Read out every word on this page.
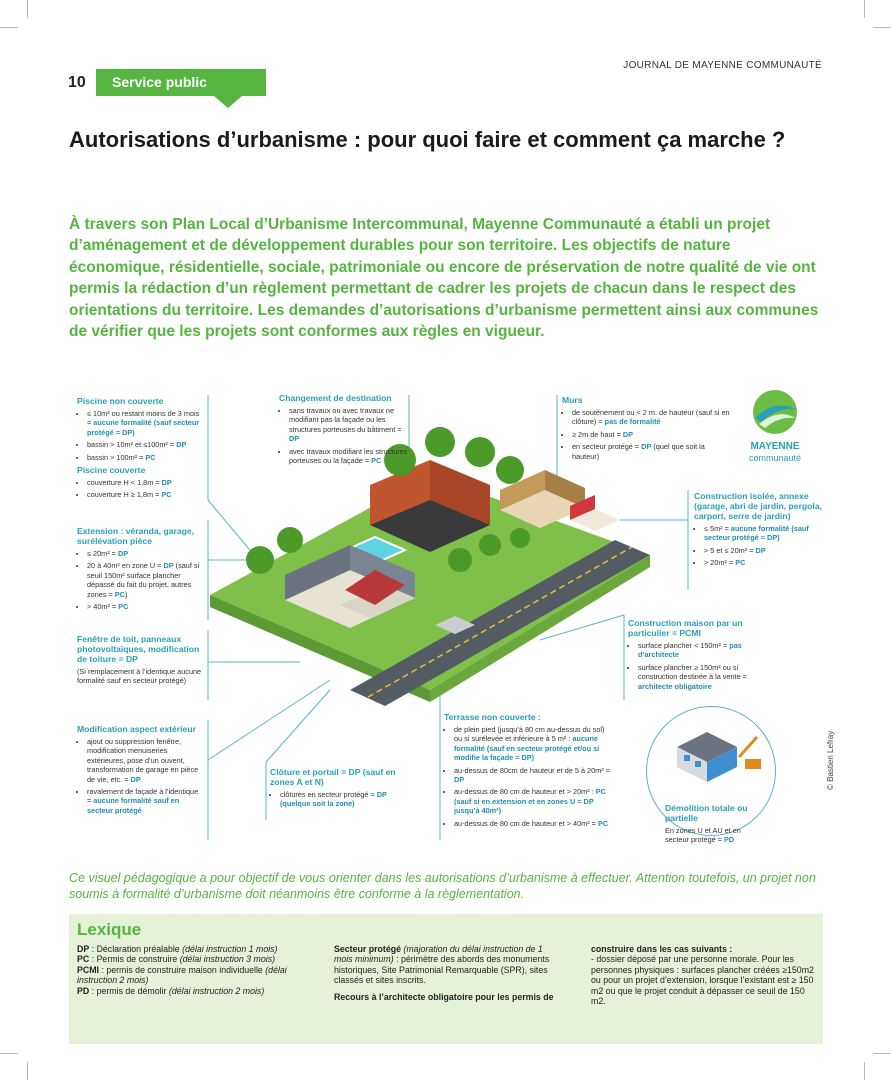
JOURNAL DE MAYENNE COMMUNAUTÉ
10	Service public
Autorisations d’urbanisme : pour quoi faire et comment ça marche ?
À travers son Plan Local d’Urbanisme Intercommunal, Mayenne Communauté a établi un projet d’aménagement et de développement durables pour son territoire. Les objectifs de nature économique, résidentielle, sociale, patrimoniale ou encore de préservation de notre qualité de vie ont permis la rédaction d’un règlement permettant de cadrer les projets de chacun dans le respect des orientations du territoire. Les demandes d’autorisations d’urbanisme permettent ainsi aux communes de vérifier que les projets sont conformes aux règles en vigueur.
MAYENNE
communauté
Piscine non couverte
• ≤ 10m² ou restant moins de 3 mois = aucune formalité (sauf secteur protégé = DP)
• bassin > 10m² et ≤100m² = DP
• bassin > 100m² = PC
Piscine couverte
• couverture H < 1,8m = DP
• couverture H ≥ 1,8m = PC
Extension : véranda, garage, surélévation pièce
• ≤ 20m² = DP
• 20 à 40m² en zone U = DP (sauf si seuil 150m² surface plancher dépassé du fait du projet, autres zones = PC)
• > 40m² = PC
Fenêtre de toit, panneaux photovoltaïques, modification de toiture = DP

(Si remplacement à l’identique aucune formalité sauf en secteur protégé)

Modification aspect extérieur
• ajout ou suppression fenêtre, modification menuiseries extérieures, pose d’un ouvent, transformation de garage en pièce de vie, etc. = DP
• ravalement de façade à l’identique = aucune formalité sauf en secteur protégé
Changement de destination
• sans travaux ou avec travaux ne modifiant pas la façade ou les structures porteuses du bâtiment = DP
• avec travaux modifiant les structures porteuses ou la façade = PC
Murs
• de soutènement ou < 2 m. de hauteur (sauf si en clôture) = pas de formalité
• ≥ 2m de haut = DP
• en secteur protégé = DP (quel que soit la hauteur)
Construction isolée, annexe (garage, abri de jardin, pergola, carport, serre de jardin)
• ≤ 5m² = aucune formalité (sauf secteur protégé = DP)
• > 5 et ≤ 20m² = DP
• > 20m² = PC
Construction maison par un particulier = PCMI
• surface plancher < 150m² = pas d’architecte
• surface plancher ≥ 150m² ou si construction destinée à la vente = architecte obligatoire
Terrasse non couverte :
• de plein pied (jusqu’à 80 cm au-dessus du sol) ou si surélevée et inférieure à 5 m² : aucune formalité (sauf en secteur protégé et/ou si modifie la façade = DP)
• au-dessus de 80cm de hauteur et de 5 à 20m² = DP
• au-dessus de 80 cm de hauteur et > 20m² : PC (sauf si en extension et en zones U = DP jusqu’à 40m²)
• au-dessus de 80 cm de hauteur et > 40m² = PC
Clôture et portail = DP (sauf en zones A et N)
• clôtures en secteur protégé = DP (quelque soit la zone)	Démolition totale ou partielle

En zones U et AU et en secteur protégé = PD

© Bastien Lefray
Ce visuel pédagogique a pour objectif de vous orienter dans les autorisations d’urbanisme à effectuer. Attention toutefois, un projet non soumis à formalité d’urbanisme doit néanmoins être conforme à la règlementation.
Lexique

DP : Déclaration préalable (délai instruction 1 mois)

PC : Permis de construire (délai instruction 3 mois)

PCMI : permis de construire maison individuelle (délai instruction 2 mois)

PD : permis de démolir (délai instruction 2 mois)

Secteur protégé (majoration du délai instruction de 1 mois minimum) : périmètre des abords des monuments historiques, Site Patrimonial Remarquable (SPR), sites classés et sites inscrits.

Recours à l’architecte obligatoire pour les permis de

construire dans les cas suivants :

- dossier déposé par une personne morale. Pour les personnes physiques : surfaces plancher créées ≥150m2 ou pour un projet d’extension, lorsque l’existant est ≥ 150 m2 ou que le projet conduit à dépasser ce seuil de 150 m2.
